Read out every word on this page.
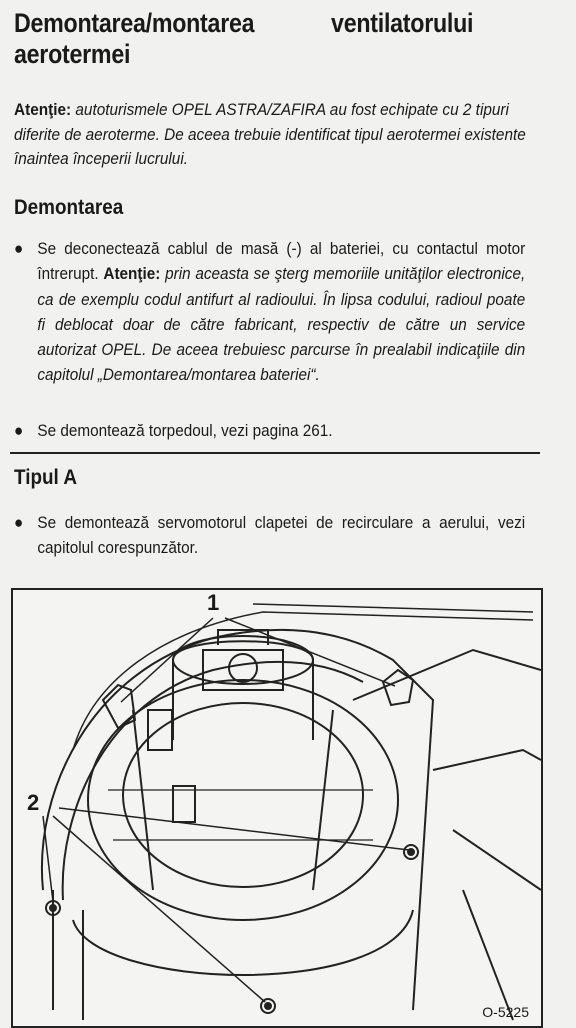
Demontarea/montarea	ventilatorului
aerotermei
Atenţie: autoturismele OPEL ASTRA/ZAFIRA au fost echipate cu 2 tipuri diferite de aeroterme. De aceea trebuie identificat tipul aerotermei existente înaintea începerii lucrului.
Demontarea
● Se deconectează cablul de masă (-) al bateriei, cu contactul motor întrerupt. Atenţie: prin aceasta se şterg memoriile unităţilor electronice, ca de exemplu codul antifurt al radioului. În lipsa codului, radioul poate fi deblocat doar de către fabricant, respectiv de către un service autorizat OPEL. De aceea trebuiesc parcurse în prealabil indicaţiile din capitolul „Demontarea/montarea bateriei“.
● Se demontează torpedoul, vezi pagina 261.
Tipul A
● Se demontează servomotorul clapetei de recirculare a aerului, vezi capitolul corespunzător.
1
2
O-5225
